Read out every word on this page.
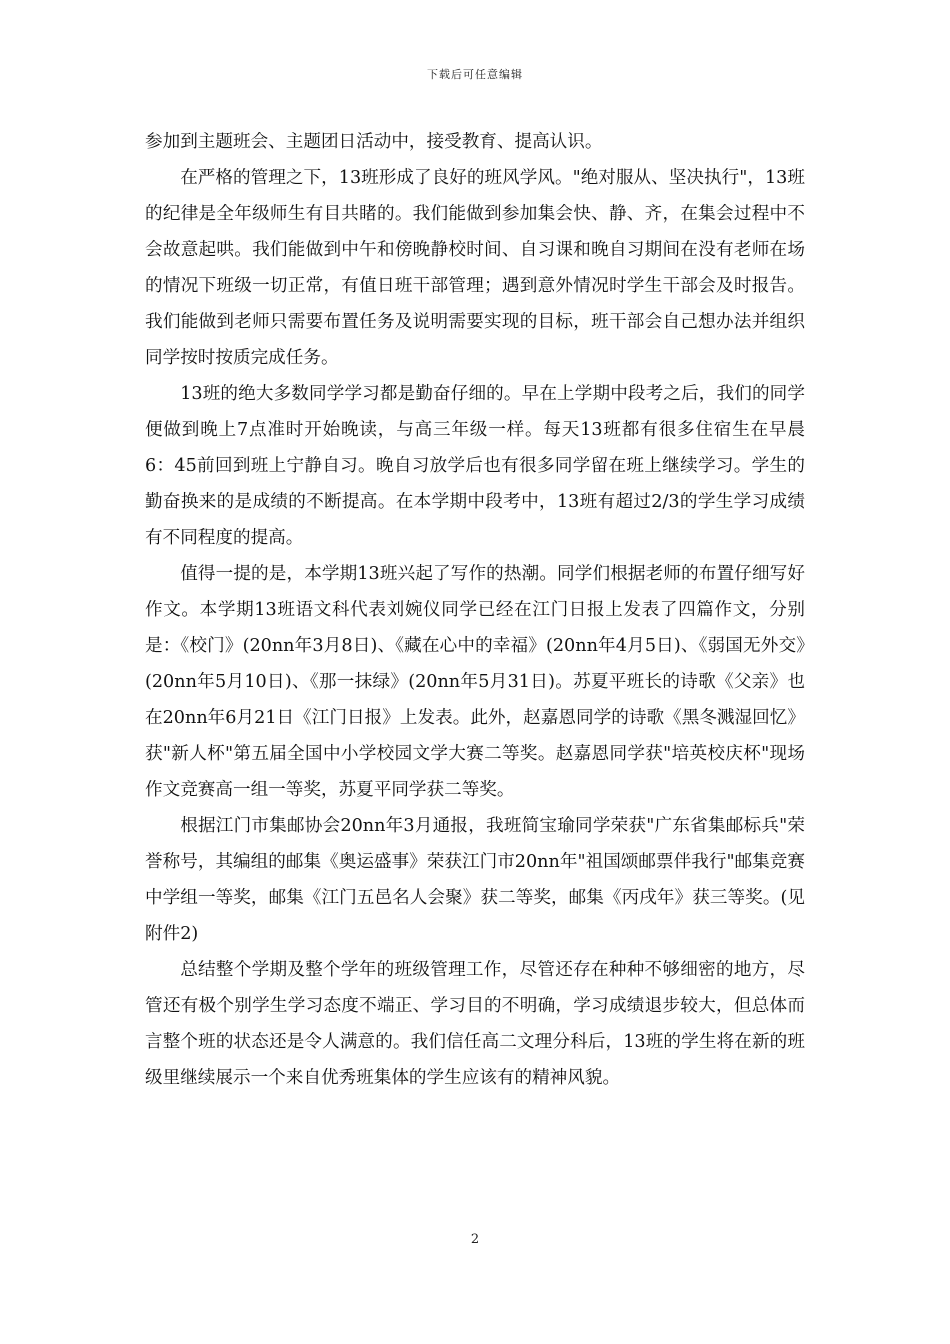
下载后可任意编辑

参加到主题班会、主题团日活动中，接受教育、提高认识。

在严格的管理之下，13班形成了良好的班风学风。"绝对服从、坚决执行"，13班的纪律是全年级师生有目共睹的。我们能做到参加集会快、静、齐，在集会过程中不会故意起哄。我们能做到中午和傍晚静校时间、自习课和晚自习期间在没有老师在场的情况下班级一切正常，有值日班干部管理；遇到意外情况时学生干部会及时报告。我们能做到老师只需要布置任务及说明需要实现的目标，班干部会自己想办法并组织同学按时按质完成任务。

13班的绝大多数同学学习都是勤奋仔细的。早在上学期中段考之后，我们的同学便做到晚上7点准时开始晚读，与高三年级一样。每天13班都有很多住宿生在早晨6：45前回到班上宁静自习。晚自习放学后也有很多同学留在班上继续学习。学生的勤奋换来的是成绩的不断提高。在本学期中段考中，13班有超过2/3的学生学习成绩有不同程度的提高。

值得一提的是，本学期13班兴起了写作的热潮。同学们根据老师的布置仔细写好作文。本学期13班语文科代表刘婉仪同学已经在江门日报上发表了四篇作文，分别是：《校门》(20nn年3月8日)、《藏在心中的幸福》(20nn年4月5日)、《弱国无外交》(20nn年5月10日)、《那一抹绿》(20nn年5月31日)。苏夏平班长的诗歌《父亲》也在20nn年6月21日《江门日报》上发表。此外，赵嘉恩同学的诗歌《黑冬溅湿回忆》获"新人杯"第五届全国中小学校园文学大赛二等奖。赵嘉恩同学获"培英校庆杯"现场作文竞赛高一组一等奖，苏夏平同学获二等奖。

根据江门市集邮协会20nn年3月通报，我班简宝瑜同学荣获"广东省集邮标兵"荣誉称号，其编组的邮集《奥运盛事》荣获江门市20nn年"祖国颂邮票伴我行"邮集竞赛中学组一等奖，邮集《江门五邑名人会聚》获二等奖，邮集《丙戌年》获三等奖。(见附件2)

总结整个学期及整个学年的班级管理工作，尽管还存在种种不够细密的地方，尽管还有极个别学生学习态度不端正、学习目的不明确，学习成绩退步较大，但总体而言整个班的状态还是令人满意的。我们信任高二文理分科后，13班的学生将在新的班级里继续展示一个来自优秀班集体的学生应该有的精神风貌。

2
